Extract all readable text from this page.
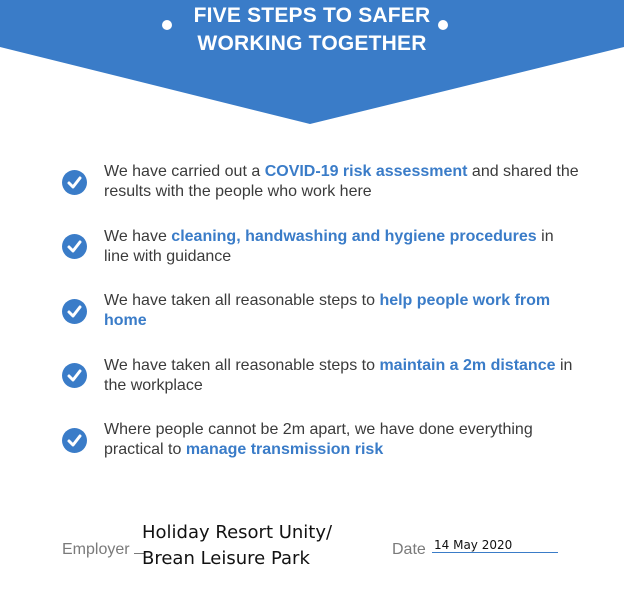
FIVE STEPS TO SAFER
WORKING TOGETHER
We have carried out a COVID-19 risk assessment and shared the results with the people who work here
We have cleaning, handwashing and hygiene procedures in line with guidance
We have taken all reasonable steps to help people work from home
We have taken all reasonable steps to maintain a 2m distance in the workplace
Where people cannot be 2m apart, we have done everything practical to manage transmission risk
Employer
Holiday Resort Unity/
Brean Leisure Park	Date 14 May 2020
